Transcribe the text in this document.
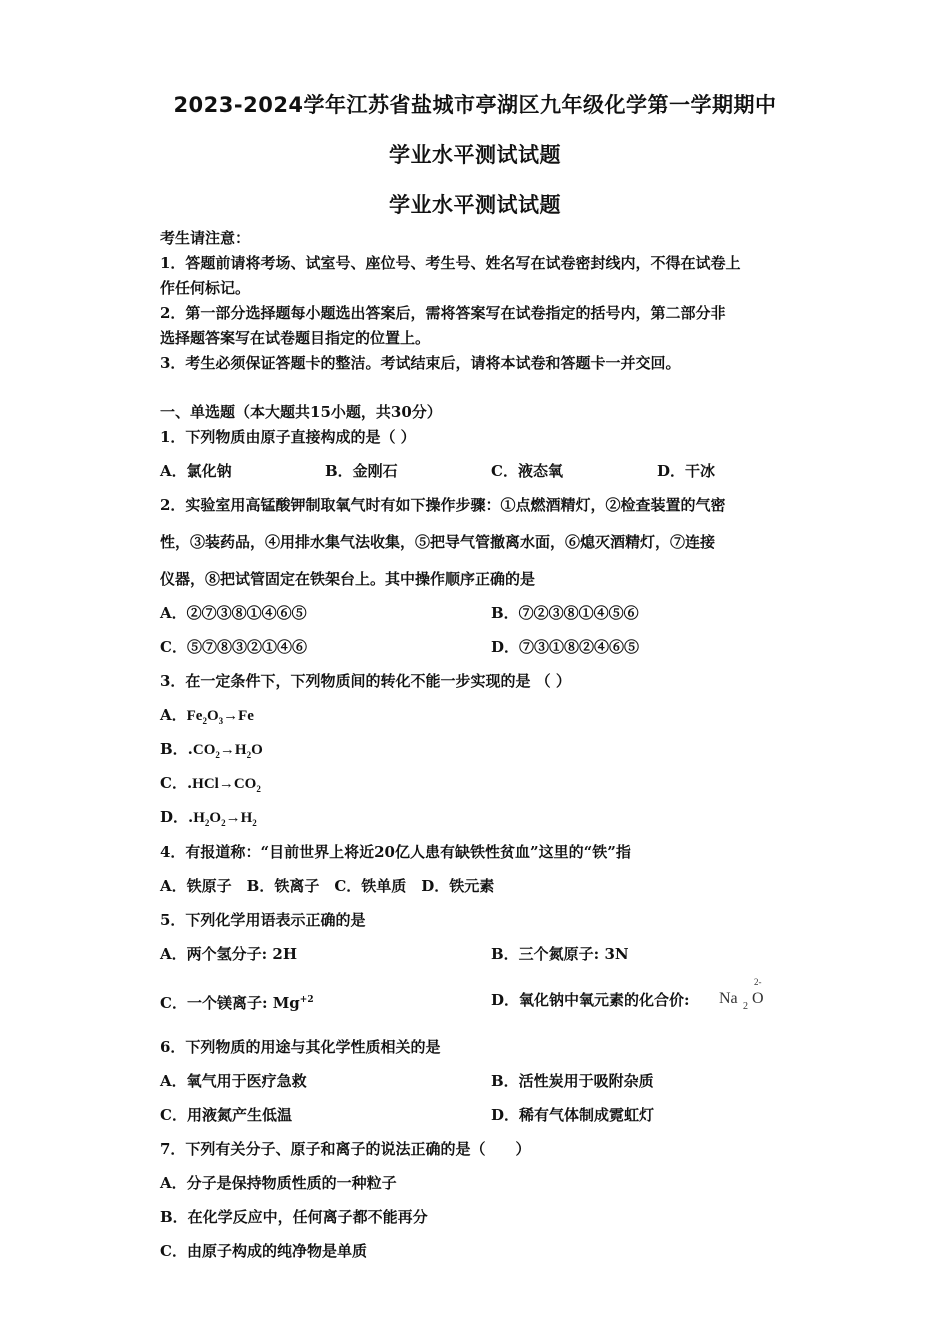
2023-2024学年江苏省盐城市亭湖区九年级化学第一学期期中
学业水平测试试题
学业水平测试试题
考生请注意：
1．答题前请将考场、试室号、座位号、考生号、姓名写在试卷密封线内，不得在试卷上
作任何标记。
2．第一部分选择题每小题选出答案后，需将答案写在试卷指定的括号内，第二部分非
选择题答案写在试卷题目指定的位置上。
3．考生必须保证答题卡的整洁。考试结束后，请将本试卷和答题卡一并交回。
一、单选题（本大题共15小题，共30分）
1．下列物质由原子直接构成的是（ ）
A．氯化钠	B．金刚石	C．液态氧	D．干冰
2．实验室用高锰酸钾制取氧气时有如下操作步骤：①点燃酒精灯，②检查装置的气密
性，③装药品，④用排水集气法收集，⑤把导气管撤离水面，⑥熄灭酒精灯，⑦连接
仪器，⑧把试管固定在铁架台上。其中操作顺序正确的是
A．②⑦③⑧①④⑥⑤	B．⑦②③⑧①④⑤⑥
C．⑤⑦⑧③②①④⑥	D．⑦③①⑧②④⑥⑤
3．在一定条件下，下列物质间的转化不能一步实现的是 （ ）
A．$Fe_2O_3\to Fe$
B．$.CO_2\to H_2O$
C．$.HCl\to CO_2$
D．$.H_2O_2\to H_2$
4．有报道称：“目前世界上将近20亿人患有缺铁性贫血”这里的“铁”指
A．铁原子　B．铁离子　C．铁单质　D．铁元素
5．下列化学用语表示正确的是
A．两个氢分子: 2H	B．三个氮原子: 3N
C．一个镁离子: $Mg^{+2}$	D．氧化钠中氧元素的化合价: Na 2 O
2-
6．下列物质的用途与其化学性质相关的是
A．氧气用于医疗急救	B．活性炭用于吸附杂质
C．用液氮产生低温	D．稀有气体制成霓虹灯
7．下列有关分子、原子和离子的说法正确的是（　　）
A．分子是保持物质性质的一种粒子
B．在化学反应中，任何离子都不能再分
C．由原子构成的纯净物是单质
